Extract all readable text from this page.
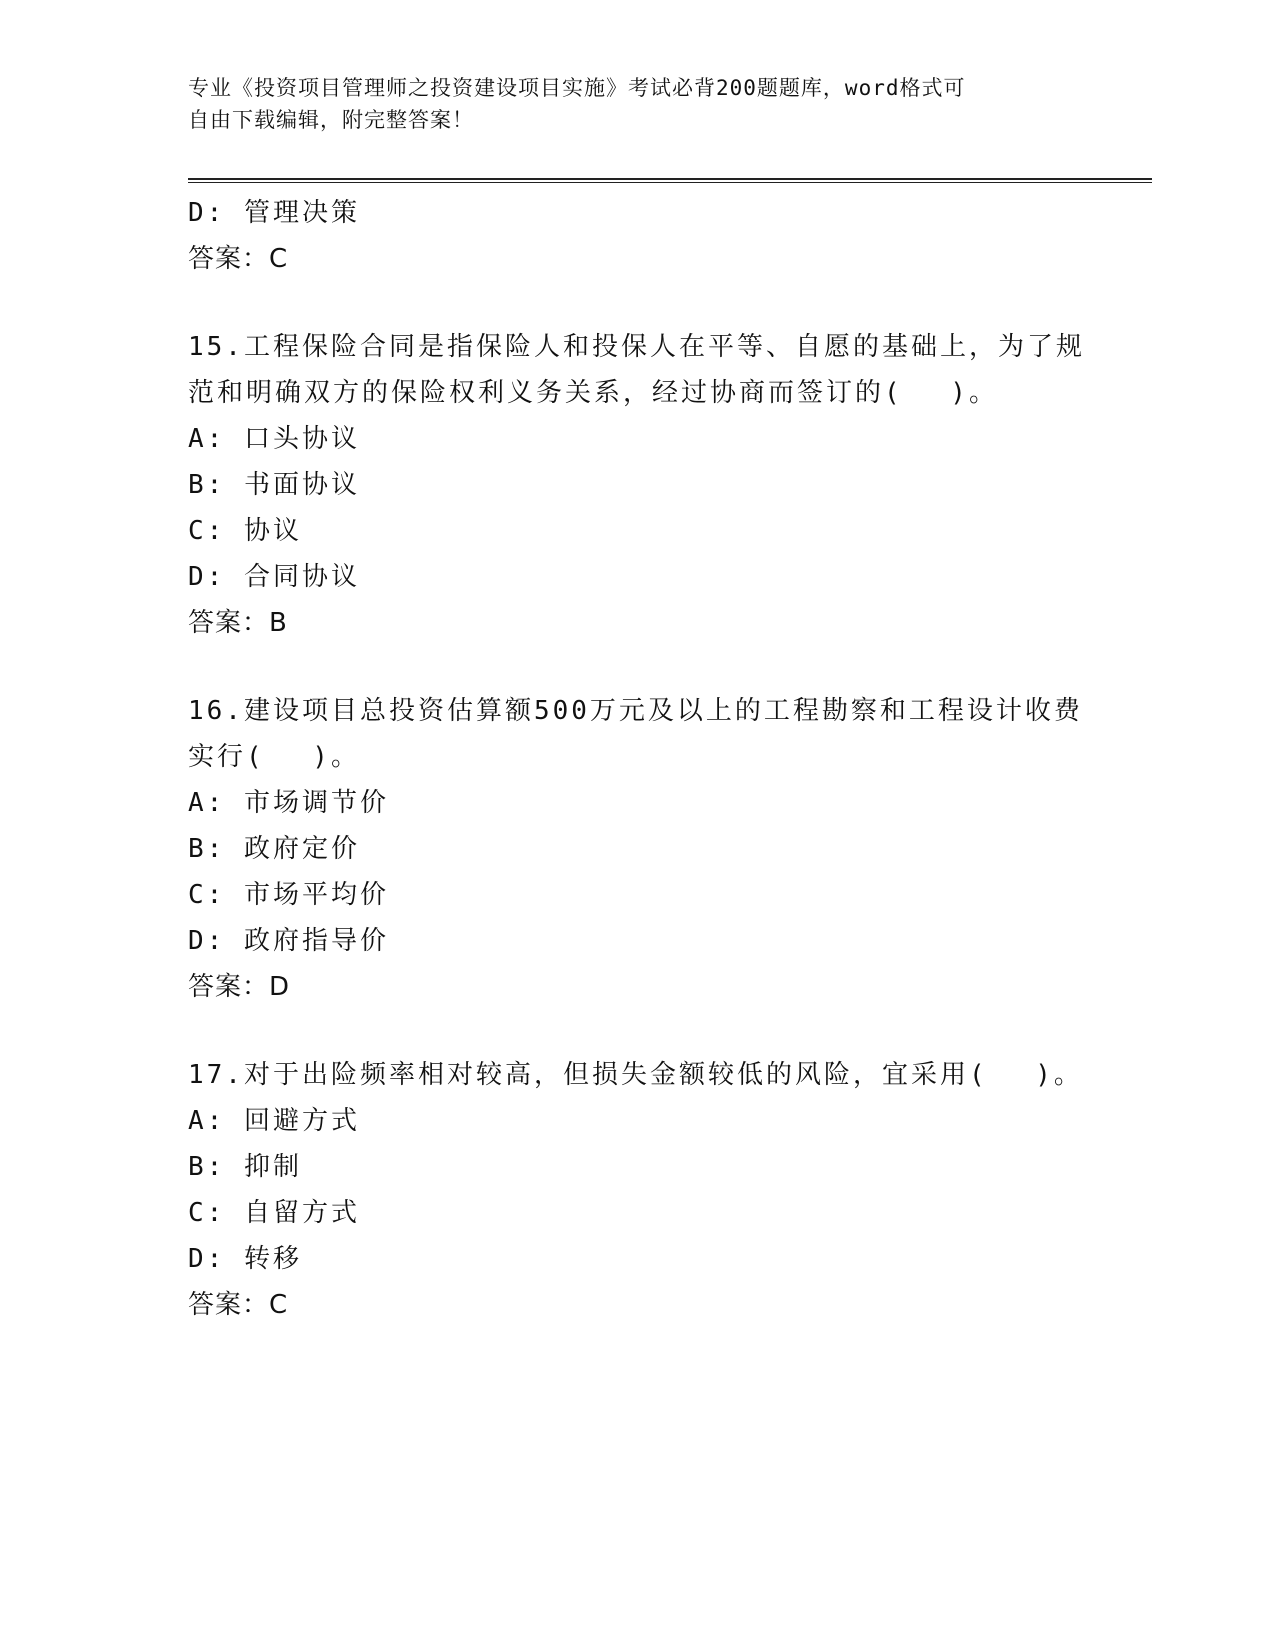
专业《投资项目管理师之投资建设项目实施》考试必背200题题库，word格式可
自由下载编辑，附完整答案！
D: 管理决策
答案：C
15.工程保险合同是指保险人和投保人在平等、自愿的基础上，为了规
范和明确双方的保险权利义务关系，经过协商而签订的(　 )。
A: 口头协议
B: 书面协议
C: 协议
D: 合同协议
答案：B
16.建设项目总投资估算额500万元及以上的工程勘察和工程设计收费
实行(　 )。
A: 市场调节价
B: 政府定价
C: 市场平均价
D: 政府指导价
答案：D
17.对于出险频率相对较高，但损失金额较低的风险，宜采用(　 )。
A: 回避方式
B: 抑制
C: 自留方式
D: 转移
答案：C
